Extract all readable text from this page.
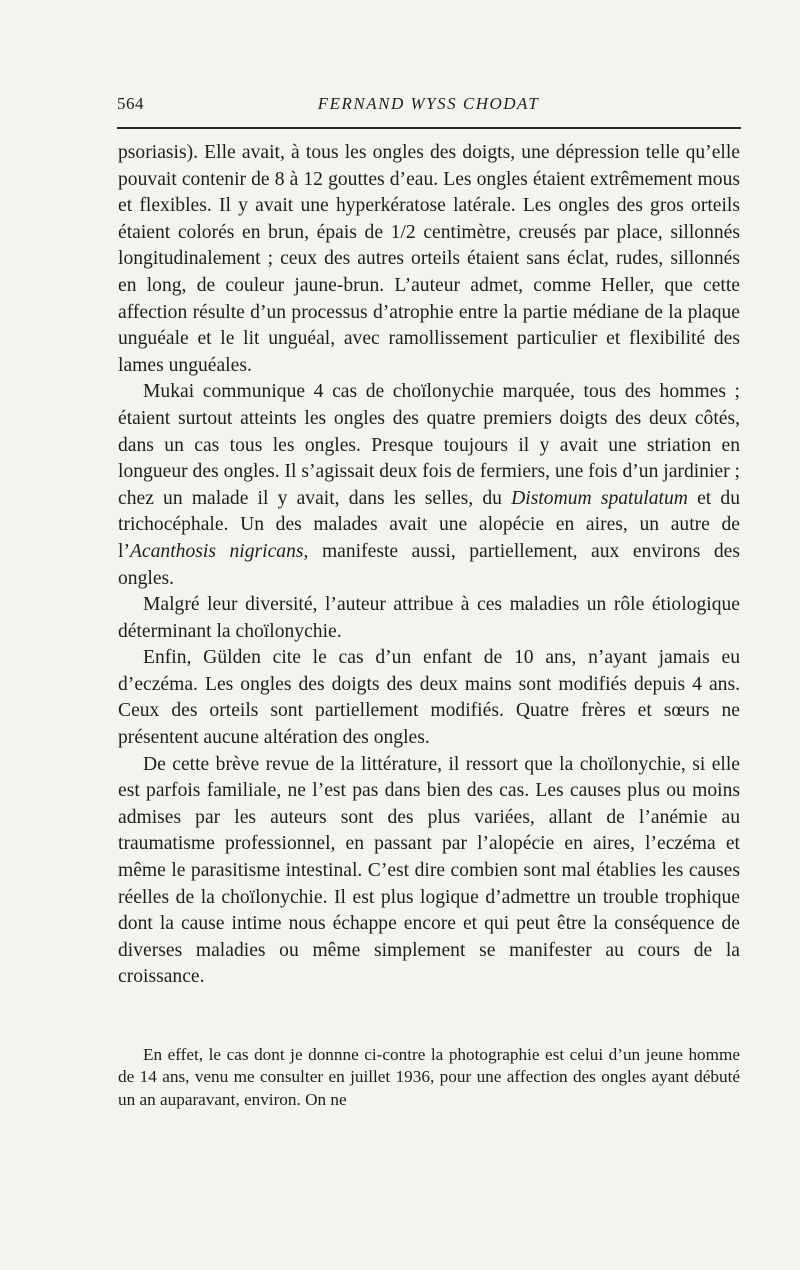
564	FERNAND WYSS CHODAT

psoriasis). Elle avait, à tous les ongles des doigts, une dépression telle qu’elle pouvait contenir de 8 à 12 gouttes d’eau. Les ongles étaient extrêmement mous et flexibles. Il y avait une hyperkératose latérale. Les ongles des gros orteils étaient colorés en brun, épais de 1/2 centimètre, creusés par place, sillonnés longitudinalement ; ceux des autres orteils étaient sans éclat, rudes, sillonnés en long, de couleur jaune-brun. L’auteur admet, comme Heller, que cette affection résulte d’un processus d’atrophie entre la partie médiane de la plaque unguéale et le lit unguéal, avec ramollissement particulier et flexibilité des lames unguéales.

Mukai communique 4 cas de choïlonychie marquée, tous des hommes ; étaient surtout atteints les ongles des quatre premiers doigts des deux côtés, dans un cas tous les ongles. Presque toujours il y avait une striation en longueur des ongles. Il s’agissait deux fois de fermiers, une fois d’un jardinier ; chez un malade il y avait, dans les selles, du Distomum spatulatum et du trichocéphale. Un des malades avait une alopécie en aires, un autre de l’Acanthosis nigricans, manifeste aussi, partiellement, aux environs des ongles.

Malgré leur diversité, l’auteur attribue à ces maladies un rôle étiologique déterminant la choïlonychie.

Enfin, Gülden cite le cas d’un enfant de 10 ans, n’ayant jamais eu d’eczéma. Les ongles des doigts des deux mains sont modifiés depuis 4 ans. Ceux des orteils sont partiellement modifiés. Quatre frères et sœurs ne présentent aucune altération des ongles.

De cette brève revue de la littérature, il ressort que la choïlonychie, si elle est parfois familiale, ne l’est pas dans bien des cas. Les causes plus ou moins admises par les auteurs sont des plus variées, allant de l’anémie au traumatisme professionnel, en passant par l’alopécie en aires, l’eczéma et même le parasitisme intestinal. C’est dire combien sont mal établies les causes réelles de la choïlonychie. Il est plus logique d’admettre un trouble trophique dont la cause intime nous échappe encore et qui peut être la conséquence de diverses maladies ou même simplement se manifester au cours de la croissance.

En effet, le cas dont je donnne ci-contre la photographie est celui d’un jeune homme de 14 ans, venu me consulter en juillet 1936, pour une affection des ongles ayant débuté un an auparavant, environ. On ne
